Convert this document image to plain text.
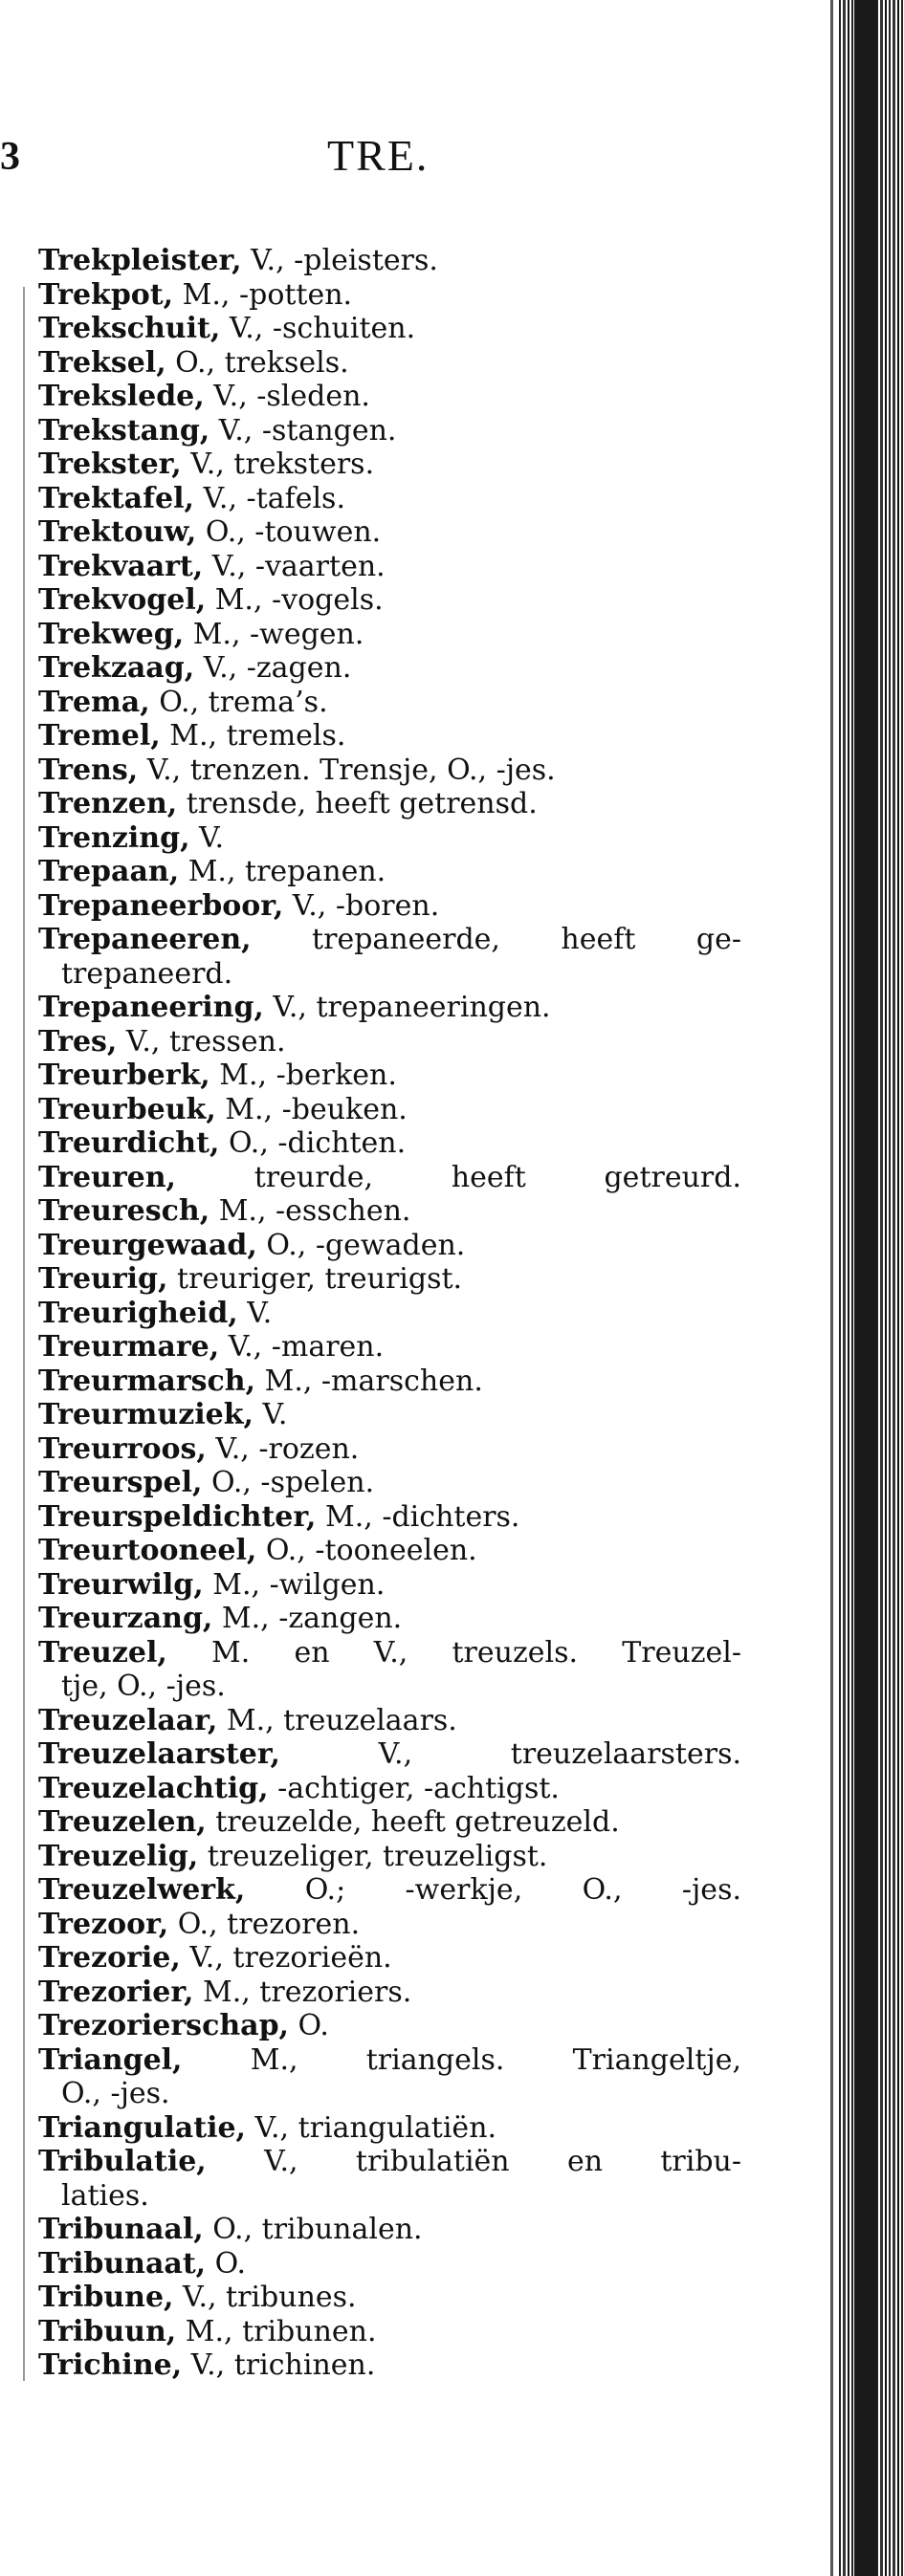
3	TRE.
Trekpleister, V., -pleisters.
Trekpot, M., -potten.
Trekschuit, V., -schuiten.
Treksel, O., treksels.
Trekslede, V., -sleden.
Trekstang, V., -stangen.
Trekster, V., treksters.
Trektafel, V., -tafels.
Trektouw, O., -touwen.
Trekvaart, V., -vaarten.
Trekvogel, M., -vogels.
Trekweg, M., -wegen.
Trekzaag, V., -zagen.
Trema, O., trema’s.
Tremel, M., tremels.
Trens, V., trenzen. Trensje, O., -jes.
Trenzen, trensde, heeft getrensd.
Trenzing, V.
Trepaan, M., trepanen.
Trepaneerboor, V., -boren.
Trepaneeren, trepaneerde, heeft ge-
trepaneerd.
Trepaneering, V., trepaneeringen.
Tres, V., tressen.
Treurberk, M., -berken.
Treurbeuk, M., -beuken.
Treurdicht, O., -dichten.
Treuren, treurde, heeft getreurd.
Treuresch, M., -esschen.
Treurgewaad, O., -gewaden.
Treurig, treuriger, treurigst.
Treurigheid, V.
Treurmare, V., -maren.
Treurmarsch, M., -marschen.
Treurmuziek, V.
Treurroos, V., -rozen.
Treurspel, O., -spelen.
Treurspeldichter, M., -dichters.
Treurtooneel, O., -tooneelen.
Treurwilg, M., -wilgen.
Treurzang, M., -zangen.
Treuzel, M. en V., treuzels. Treuzel-
tje, O., -jes.
Treuzelaar, M., treuzelaars.
Treuzelaarster, V., treuzelaarsters.
Treuzelachtig, -achtiger, -achtigst.
Treuzelen, treuzelde, heeft getreuzeld.
Treuzelig, treuzeliger, treuzeligst.
Treuzelwerk, O.; -werkje, O., -jes.
Trezoor, O., trezoren.
Trezorie, V., trezorieën.
Trezorier, M., trezoriers.
Trezorierschap, O.
Triangel, M., triangels. Triangeltje,
O., -jes.
Triangulatie, V., triangulatiën.
Tribulatie, V., tribulatiën en tribu-
laties.
Tribunaal, O., tribunalen.
Tribunaat, O.
Tribune, V., tribunes.
Tribuun, M., tribunen.
Trichine, V., trichinen.
